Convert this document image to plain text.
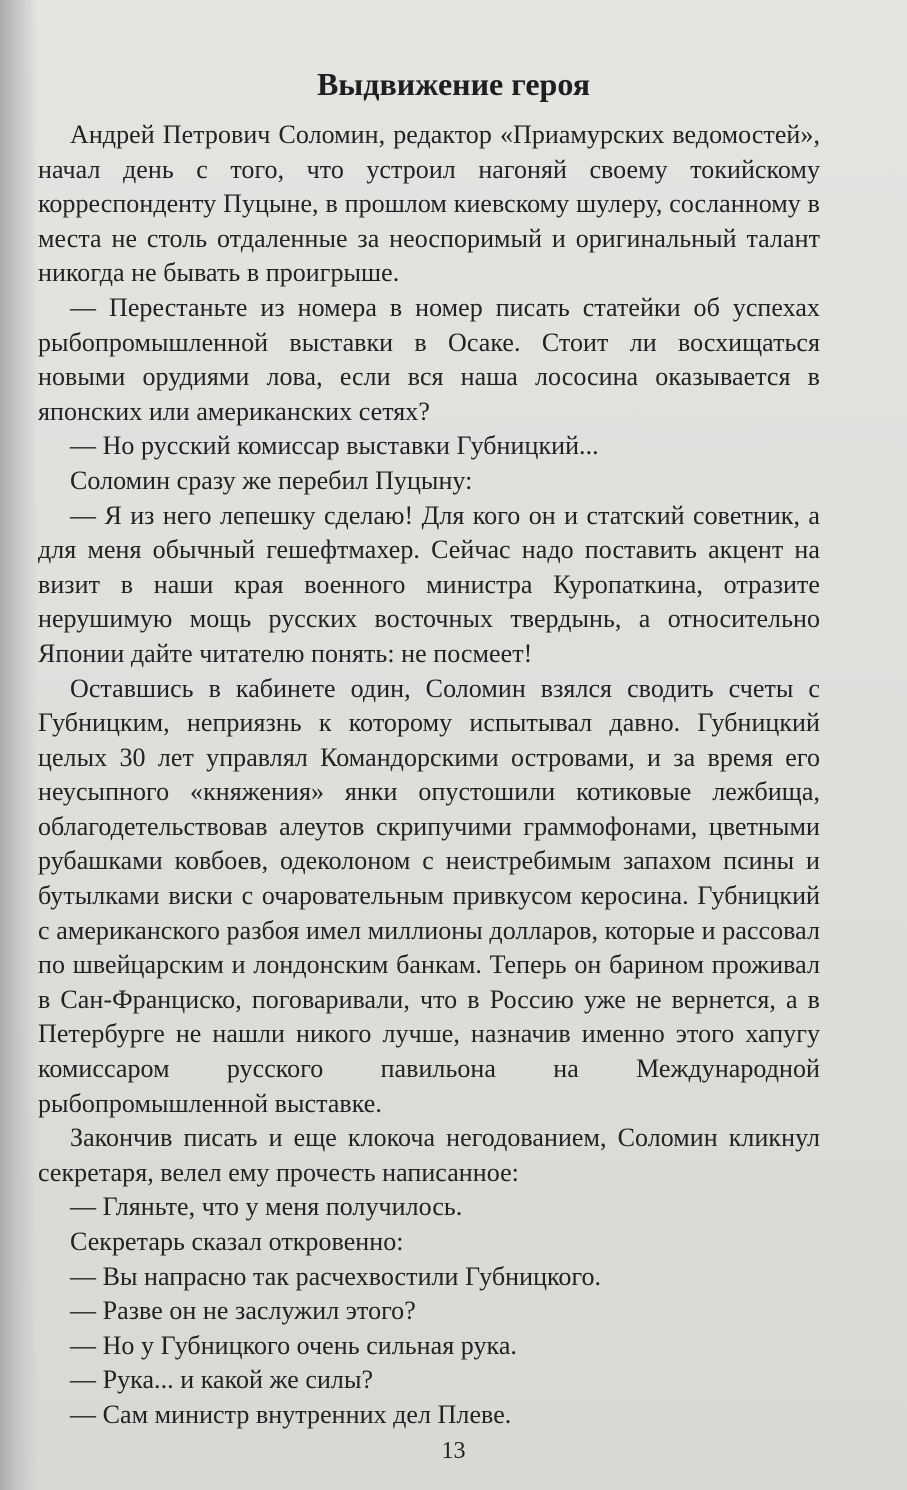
Выдвижение героя

Андрей Петрович Соломин, редактор «Приамурских ведомостей», начал день с того, что устроил нагоняй своему токийскому корреспонденту Пуцыне, в прошлом киевскому шулеру, сосланному в места не столь отдаленные за неоспоримый и оригинальный талант никогда не бывать в проигрыше.

— Перестаньте из номера в номер писать статейки об успехах рыбопромышленной выставки в Осаке. Стоит ли восхищаться новыми орудиями лова, если вся наша лососина оказывается в японских или американских сетях?

— Но русский комиссар выставки Губницкий...

Соломин сразу же перебил Пуцыну:

— Я из него лепешку сделаю! Для кого он и статский советник, а для меня обычный гешефтмахер. Сейчас надо поставить акцент на визит в наши края военного министра Куропаткина, отразите нерушимую мощь русских восточных твердынь, а относительно Японии дайте читателю понять: не посмеет!

Оставшись в кабинете один, Соломин взялся сводить счеты с Губницким, неприязнь к которому испытывал давно. Губницкий целых 30 лет управлял Командорскими островами, и за время его неусыпного «княжения» янки опустошили котиковые лежбища, облагодетельствовав алеутов скрипучими граммофонами, цветными рубашками ковбоев, одеколоном с неистребимым запахом псины и бутылками виски с очаровательным привкусом керосина. Губницкий с американского разбоя имел миллионы долларов, которые и рассовал по швейцарским и лондонским банкам. Теперь он барином проживал в Сан-Франциско, поговаривали, что в Россию уже не вернется, а в Петербурге не нашли никого лучше, назначив именно этого хапугу комиссаром русского павильона на Международной рыбопромышленной выставке.

Закончив писать и еще клокоча негодованием, Соломин кликнул секретаря, велел ему прочесть написанное:

— Гляньте, что у меня получилось.

Секретарь сказал откровенно:

— Вы напрасно так расчехвостили Губницкого.

— Разве он не заслужил этого?

— Но у Губницкого очень сильная рука.

— Рука... и какой же силы?

— Сам министр внутренних дел Плеве.

13
